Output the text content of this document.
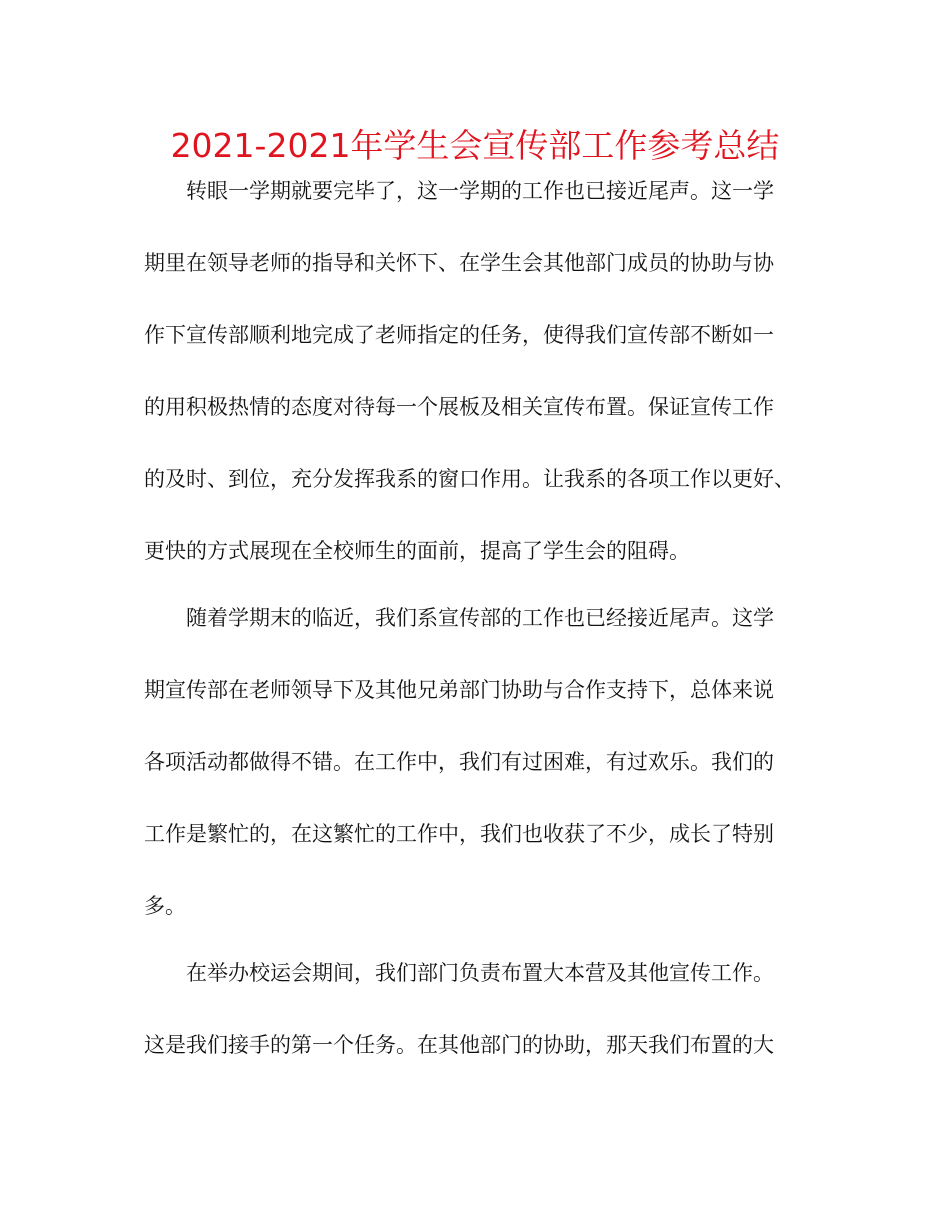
2021-2021年学生会宣传部工作参考总结
转眼一学期就要完毕了，这一学期的工作也已接近尾声。这一学
期里在领导老师的指导和关怀下、在学生会其他部门成员的协助与协
作下宣传部顺利地完成了老师指定的任务，使得我们宣传部不断如一
的用积极热情的态度对待每一个展板及相关宣传布置。保证宣传工作
的及时、到位，充分发挥我系的窗口作用。让我系的各项工作以更好、
更快的方式展现在全校师生的面前，提高了学生会的阻碍。
随着学期末的临近，我们系宣传部的工作也已经接近尾声。这学
期宣传部在老师领导下及其他兄弟部门协助与合作支持下，总体来说
各项活动都做得不错。在工作中，我们有过困难，有过欢乐。我们的
工作是繁忙的，在这繁忙的工作中，我们也收获了不少，成长了特别
多。
在举办校运会期间，我们部门负责布置大本营及其他宣传工作。
这是我们接手的第一个任务。在其他部门的协助，那天我们布置的大
